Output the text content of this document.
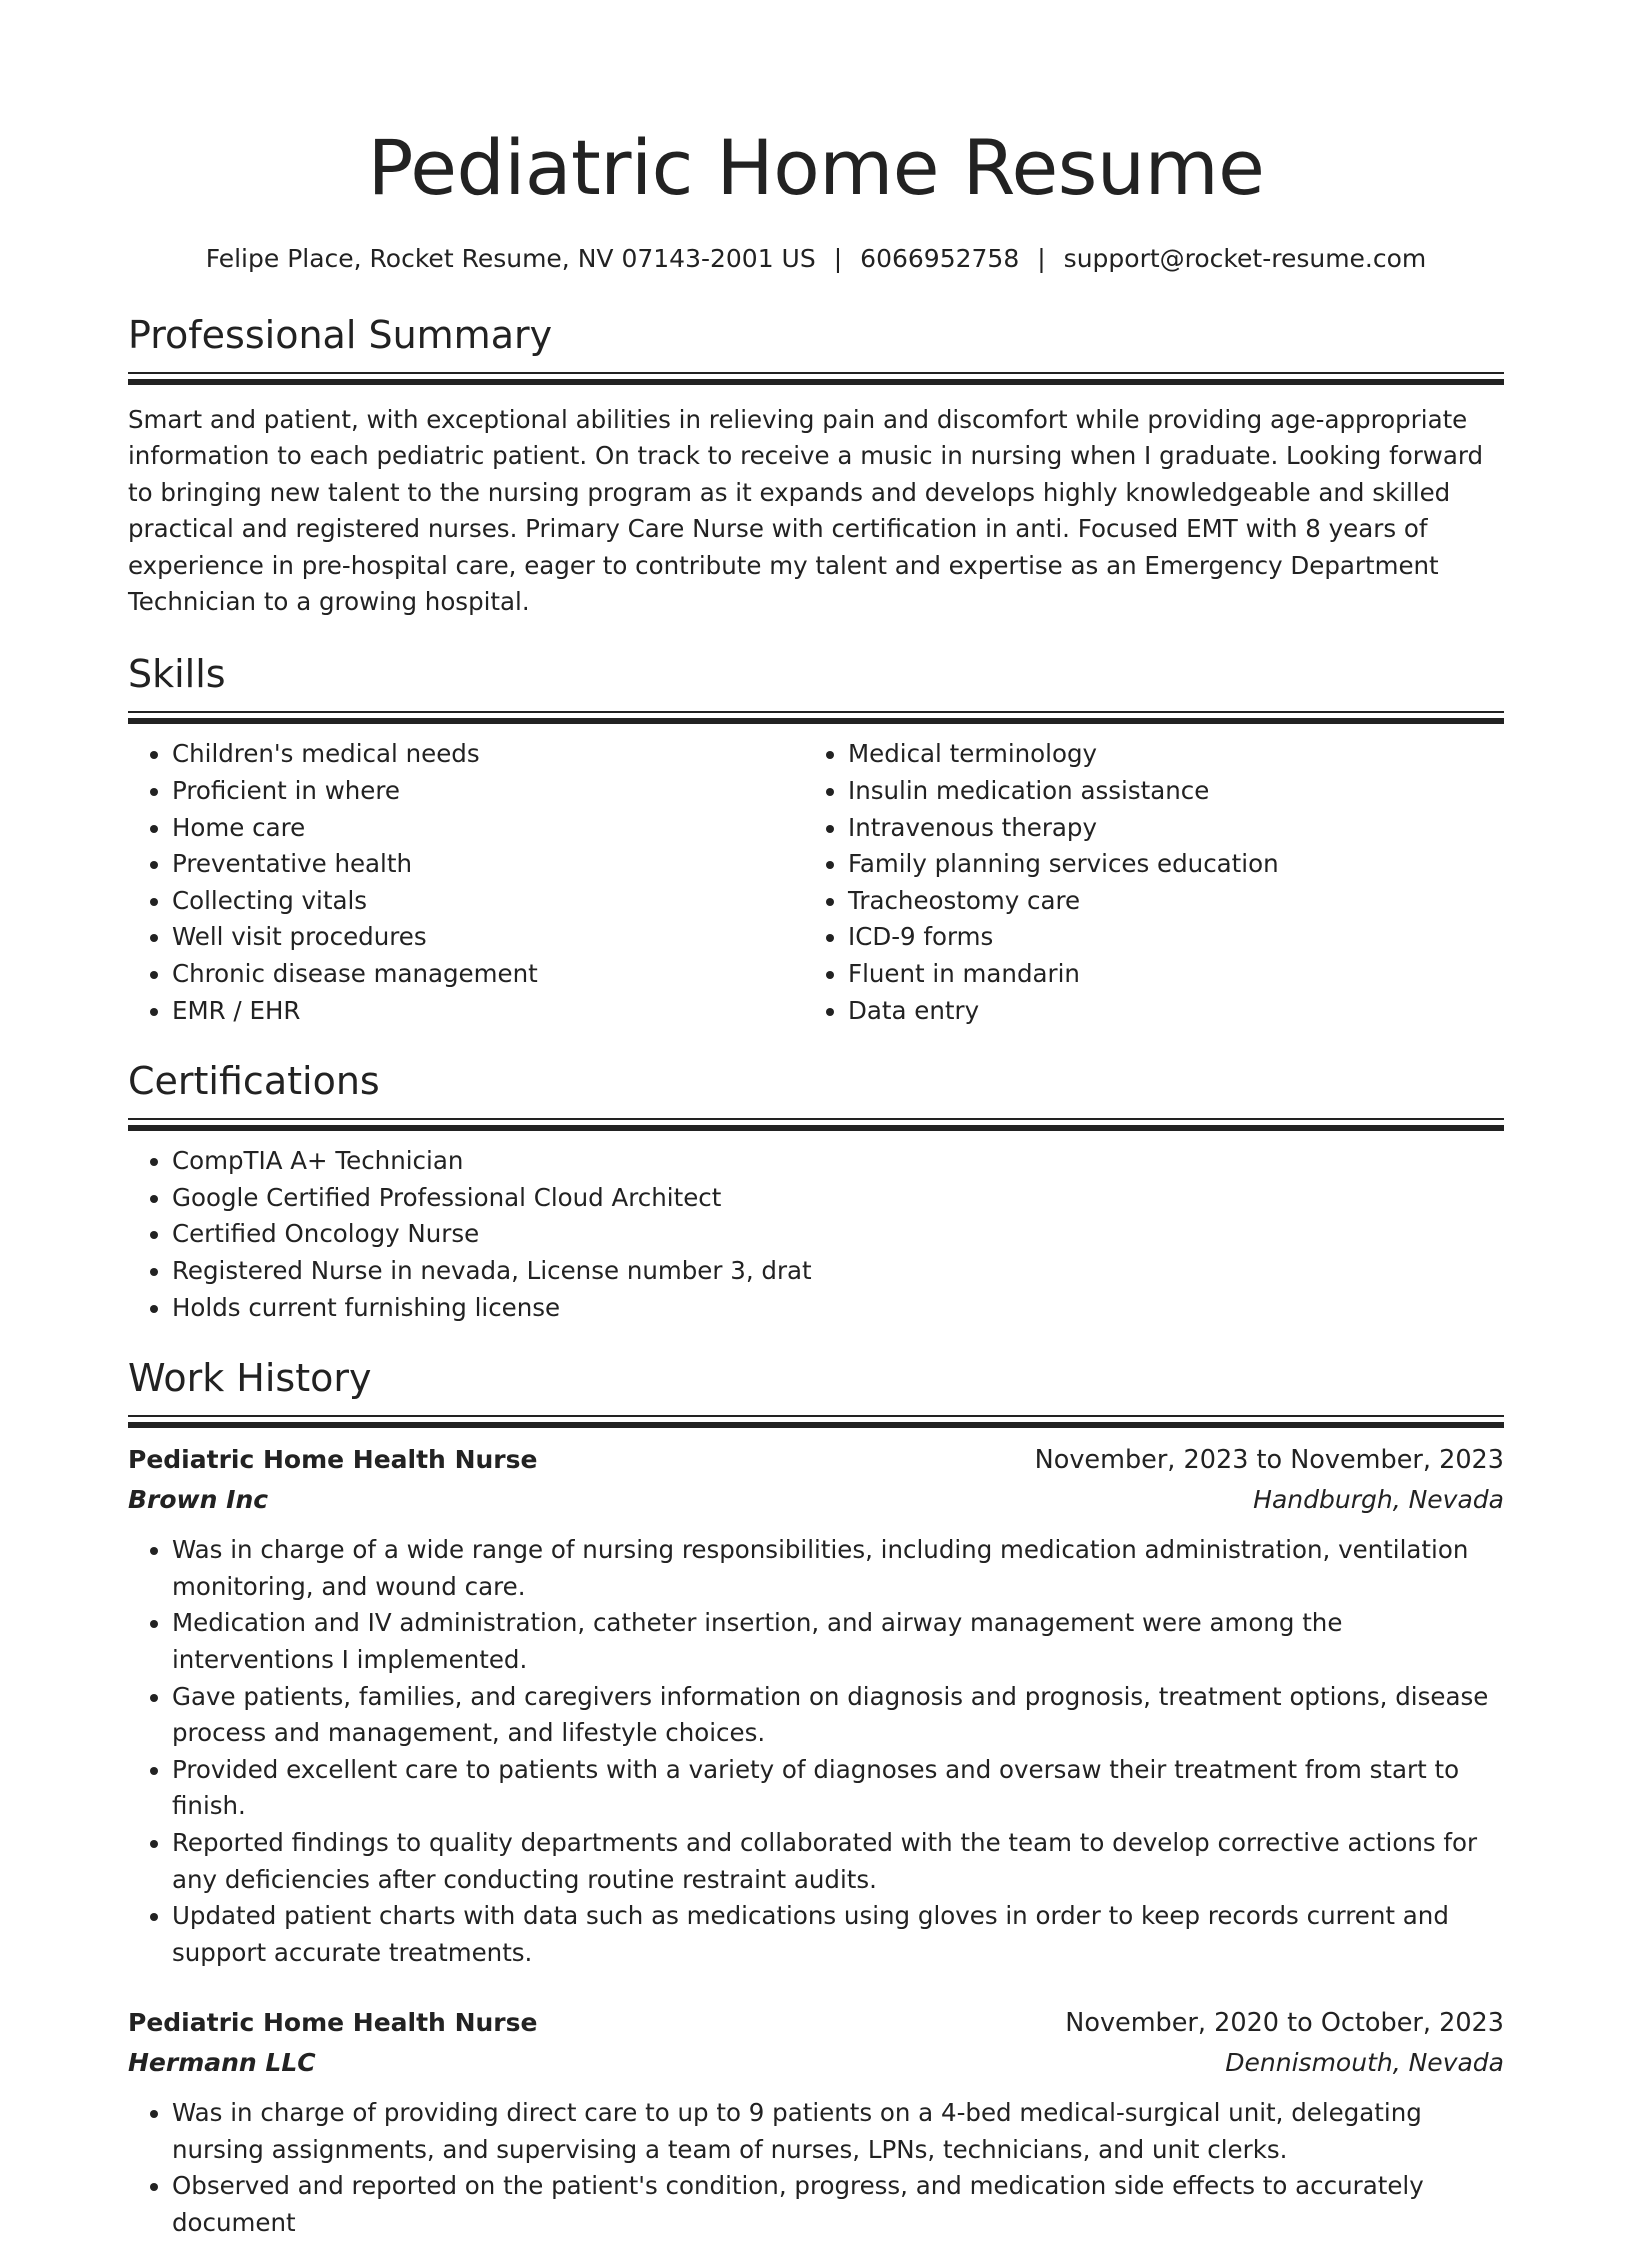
Pediatric Home Resume
Felipe Place, Rocket Resume, NV 07143-2001 US | 6066952758 | support@rocket-resume.com
Professional Summary

Smart and patient, with exceptional abilities in relieving pain and discomfort while providing age-appropriate information to each pediatric patient. On track to receive a music in nursing when I graduate. Looking forward to bringing new talent to the nursing program as it expands and develops highly knowledgeable and skilled practical and registered nurses. Primary Care Nurse with certification in anti. Focused EMT with 8 years of experience in pre-hospital care, eager to contribute my talent and expertise as an Emergency Department Technician to a growing hospital.

Skills
• Children's medical needs
• Proficient in where
• Home care
• Preventative health
• Collecting vitals
• Well visit procedures
• Chronic disease management
• EMR / EHR
• Medical terminology
• Insulin medication assistance
• Intravenous therapy
• Family planning services education
• Tracheostomy care
• ICD-9 forms
• Fluent in mandarin
• Data entry
Certifications
• CompTIA A+ Technician
• Google Certified Professional Cloud Architect
• Certified Oncology Nurse
• Registered Nurse in nevada, License number 3, drat
• Holds current furnishing license
Work History
Pediatric Home Health Nurse	November, 2023 to November, 2023
Brown Inc	Handburgh, Nevada
• Was in charge of a wide range of nursing responsibilities, including medication administration, ventilation monitoring, and wound care.
• Medication and IV administration, catheter insertion, and airway management were among the interventions I implemented.
• Gave patients, families, and caregivers information on diagnosis and prognosis, treatment options, disease process and management, and lifestyle choices.
• Provided excellent care to patients with a variety of diagnoses and oversaw their treatment from start to finish.
• Reported findings to quality departments and collaborated with the team to develop corrective actions for any deficiencies after conducting routine restraint audits.
• Updated patient charts with data such as medications using gloves in order to keep records current and support accurate treatments.
Pediatric Home Health Nurse	November, 2020 to October, 2023
Hermann LLC	Dennismouth, Nevada
• Was in charge of providing direct care to up to 9 patients on a 4-bed medical-surgical unit, delegating nursing assignments, and supervising a team of nurses, LPNs, technicians, and unit clerks.
• Observed and reported on the patient's condition, progress, and medication side effects to accurately document
